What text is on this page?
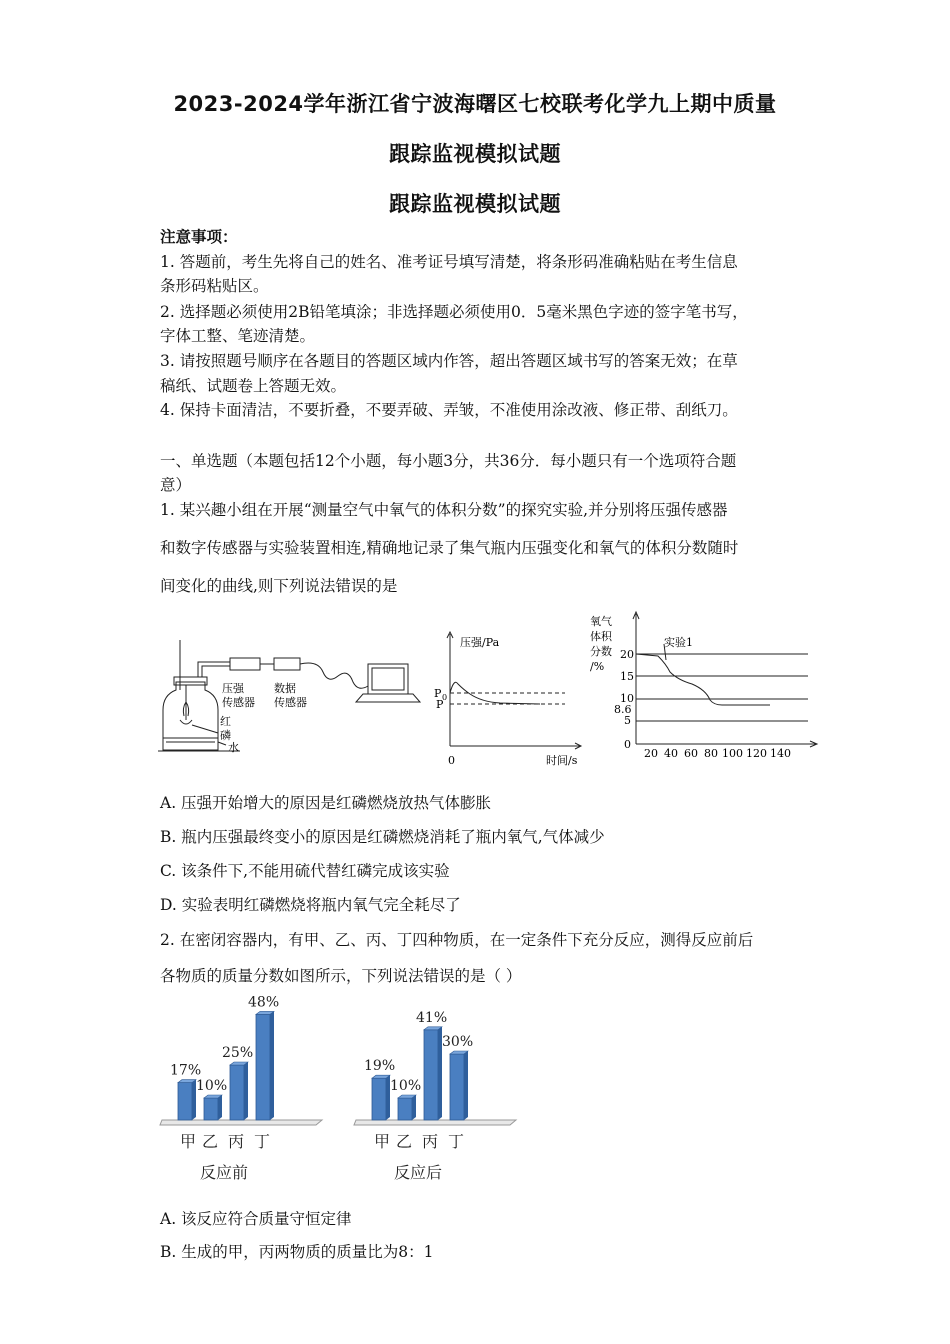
2023-2024学年浙江省宁波海曙区七校联考化学九上期中质量
跟踪监视模拟试题
跟踪监视模拟试题
注意事项：
1. 答题前，考生先将自己的姓名、准考证号填写清楚，将条形码准确粘贴在考生信息
条形码粘贴区。
2. 选择题必须使用2B铅笔填涂；非选择题必须使用0．5毫米黑色字迹的签字笔书写，
字体工整、笔迹清楚。
3. 请按照题号顺序在各题目的答题区域内作答，超出答题区域书写的答案无效；在草
稿纸、试题卷上答题无效。
4. 保持卡面清洁，不要折叠，不要弄破、弄皱，不准使用涂改液、修正带、刮纸刀。
一、单选题（本题包括12个小题，每小题3分，共36分．每小题只有一个选项符合题
意）
1. 某兴趣小组在开展“测量空气中氧气的体积分数”的探究实验,并分别将压强传感器
和数字传感器与实验装置相连,精确地记录了集气瓶内压强变化和氧气的体积分数随时
间变化的曲线,则下列说法错误的是
压强
传感器
数据
传感器
红
磷
水
压强/Pa
P 0
P
0	时间/s
氧气
体积
分数
/%
实验1
20
15
10
8.6
5
0
20 40 60 80 100 120 140
A. 压强开始增大的原因是红磷燃烧放热气体膨胀
B. 瓶内压强最终变小的原因是红磷燃烧消耗了瓶内氧气,气体减少
C. 该条件下,不能用硫代替红磷完成该实验
D. 实验表明红磷燃烧将瓶内氧气完全耗尽了
2. 在密闭容器内，有甲、乙、丙、丁四种物质，在一定条件下充分反应，测得反应前后
各物质的质量分数如图所示，下列说法错误的是（ ）
17%
甲
10%
乙
25%
丙
48%
丁
反应前
19%
甲
10%
乙
41%
丙
30%
丁
反应后
A. 该反应符合质量守恒定律
B. 生成的甲，丙两物质的质量比为8：1
